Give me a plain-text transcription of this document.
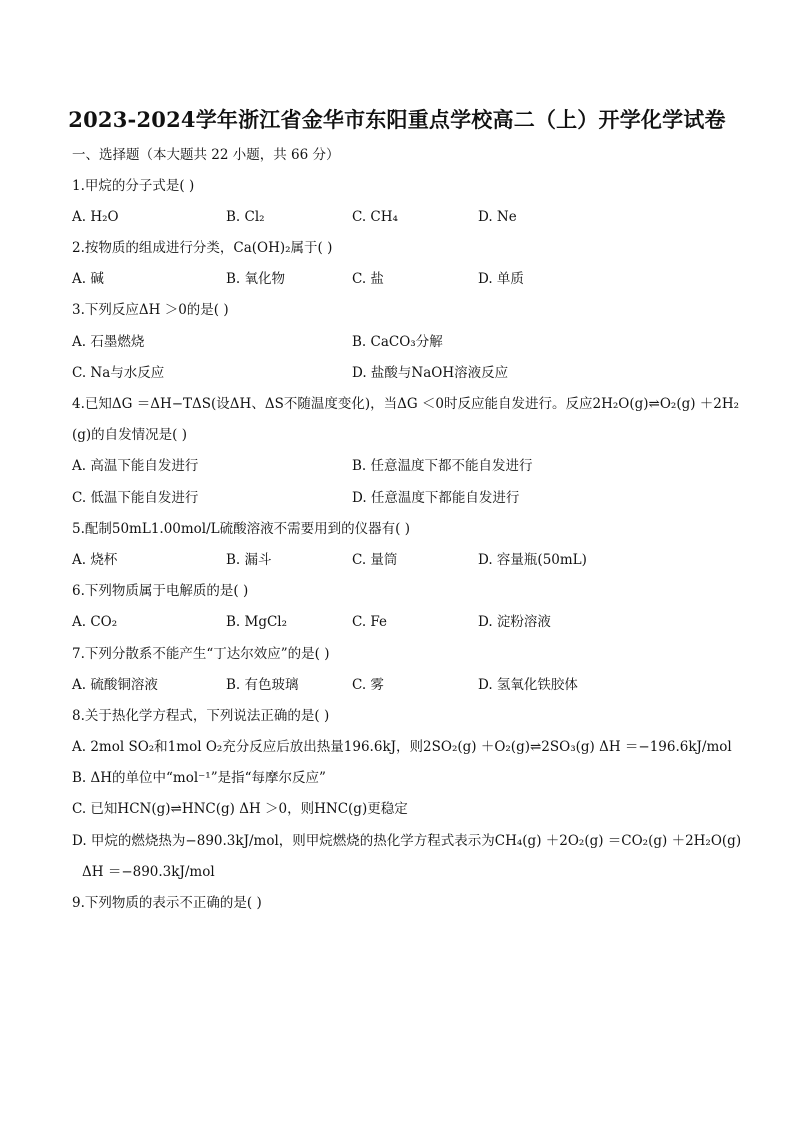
2023-2024学年浙江省金华市东阳重点学校高二（上）开学化学试卷
一、选择题（本大题共 22 小题，共 66 分）
1.甲烷的分子式是( )
A. H₂O	B. Cl₂	C. CH₄	D. Ne
2.按物质的组成进行分类，Ca(OH)₂属于( )
A. 碱	B. 氧化物	C. 盐	D. 单质
3.下列反应ΔH ＞0的是( )
A. 石墨燃烧	B. CaCO₃分解
C. Na与水反应	D. 盐酸与NaOH溶液反应
4.已知ΔG ＝ΔH−TΔS(设ΔH、ΔS不随温度变化)，当ΔG ＜0时反应能自发进行。反应2H₂O(g)⇌O₂(g) ＋2H₂
(g)的自发情况是( )
A. 高温下能自发进行	B. 任意温度下都不能自发进行
C. 低温下能自发进行	D. 任意温度下都能自发进行
5.配制50mL1.00mol/L硫酸溶液不需要用到的仪器有( )
A. 烧杯	B. 漏斗	C. 量筒	D. 容量瓶(50mL)
6.下列物质属于电解质的是( )
A. CO₂	B. MgCl₂	C. Fe	D. 淀粉溶液
7.下列分散系不能产生“丁达尔效应”的是( )
A. 硫酸铜溶液	B. 有色玻璃	C. 雾	D. 氢氧化铁胶体
8.关于热化学方程式，下列说法正确的是( )
A. 2mol SO₂和1mol O₂充分反应后放出热量196.6kJ，则2SO₂(g) ＋O₂(g)⇌2SO₃(g) ΔH ＝−196.6kJ/mol
B. ΔH的单位中“mol⁻¹”是指“每摩尔反应”
C. 已知HCN(g)⇌HNC(g) ΔH ＞0，则HNC(g)更稳定
D. 甲烷的燃烧热为−890.3kJ/mol，则甲烷燃烧的热化学方程式表示为CH₄(g) ＋2O₂(g) ＝CO₂(g) ＋2H₂O(g)
ΔH ＝−890.3kJ/mol
9.下列物质的表示不正确的是( )
